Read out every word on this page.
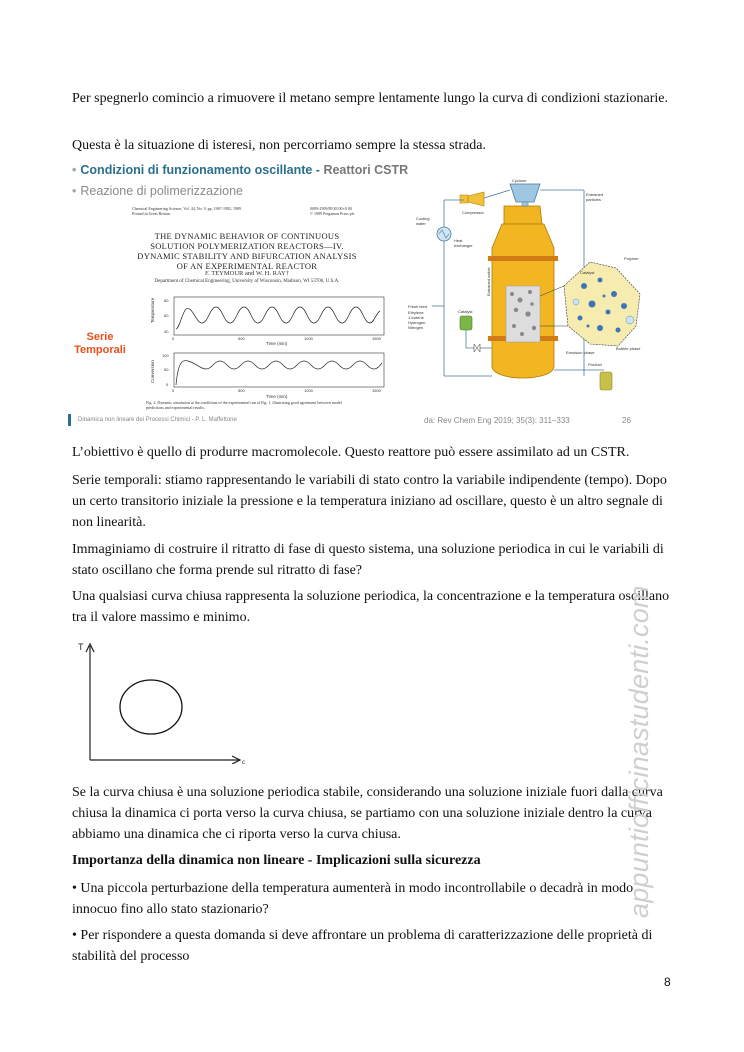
Per spegnerlo comincio a rimuovere il metano sempre lentamente lungo la curva di condizioni stazionarie.

Questa è la situazione di isteresi, non percorriamo sempre la stessa strada.

• Condizioni di funzionamento oscillante - Reattori CSTR
• Reazione di polimerizzazione
Chemical Engineering Science, Vol. 44, No. 9, pp. 1967-1982, 1989
Printed in Great Britain.
0009-2509/89 $3.00+0.00
© 1989 Pergamon Press plc
THE DYNAMIC BEHAVIOR OF CONTINUOUS SOLUTION POLYMERIZATION REACTORS—IV. DYNAMIC STABILITY AND BIFURCATION ANALYSIS OF AN EXPERIMENTAL REACTOR
F. TEYMOUR and W. H. RAY†
Department of Chemical Engineering, University of Wisconsin, Madison, WI 53706, U.S.A.
Serie
Temporali
Temperature 80
60
40
0	500	1000	1500
Time (min)
Conversion
100
50
0
0	500	1000	1500
Time (min)
Fig. 2. Dynamic simulation at the conditions of the experimental run of Fig. 1, illustrating good agreement between model predictions and experimental results.
Cyclone
Entrained particles
Compressor
Cooling water
Heat exchanger
Entrained solids
Catalyst
Fresh feed Ethylene 1-butene Hydrogen Nitrogen
Catalyst
Polymer
Emulsion phase
Bubble phase
Product
Dinamica non lineare dei Processi Chimici - P. L. Maffettone	da: Rev Chem Eng 2019; 35(3): 311–333	26

L’obiettivo è quello di produrre macromolecole. Questo reattore può essere assimilato ad un CSTR.

Serie temporali: stiamo rappresentando le variabili di stato contro la variabile indipendente (tempo). Dopo un certo transitorio iniziale la pressione e la temperatura iniziano ad oscillare, questo è un altro segnale di non linearità.

Immaginiamo di costruire il ritratto di fase di questo sistema, una soluzione periodica in cui le variabili di stato oscillano che forma prende sul ritratto di fase?

Una qualsiasi curva chiusa rappresenta la soluzione periodica, la concentrazione e la temperatura oscillano tra il valore massimo e minimo.

T
c

Se la curva chiusa è una soluzione periodica stabile, considerando una soluzione iniziale fuori dalla curva chiusa la dinamica ci porta verso la curva chiusa, se partiamo con una soluzione iniziale dentro la curva abbiamo una dinamica che ci riporta verso la curva chiusa.

Importanza della dinamica non lineare - Implicazioni sulla sicurezza

• Una piccola perturbazione della temperatura aumenterà in modo incontrollabile o decadrà in modo innocuo fino allo stato stazionario?

• Per rispondere a questa domanda si deve affrontare un problema di caratterizzazione delle proprietà di stabilità del processo

appuntiofficinastudenti.com
8
